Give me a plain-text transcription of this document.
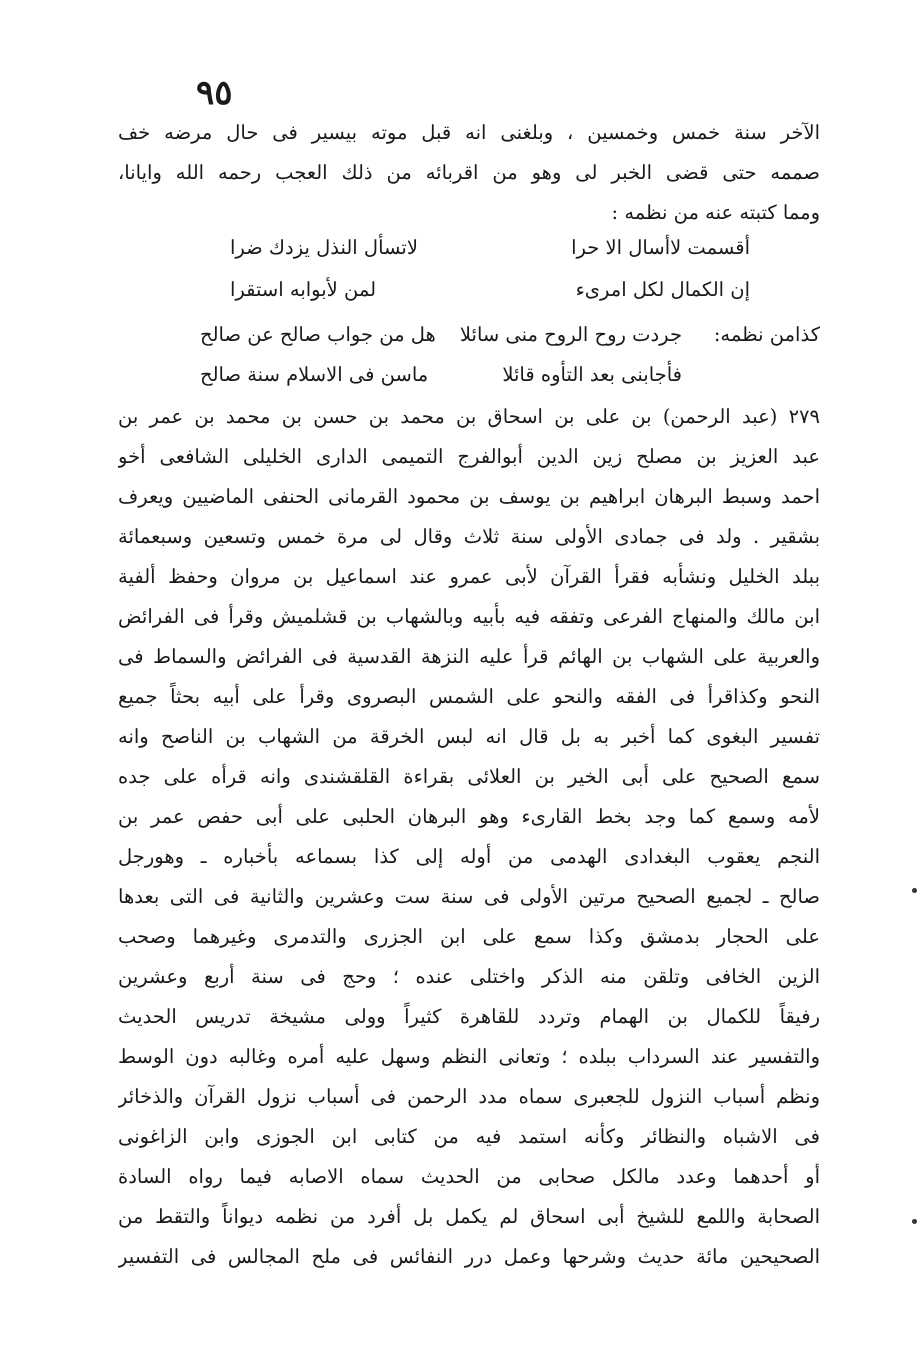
٩٥
الآخر سنة خمس وخمسين ، وبلغنى انه قبل موته بيسير فى حال مرضه خف
صممه حتى قضى الخبر لى وهو من اقربائه من ذلك العجب رحمه الله وايانا،
ومما كتبته عنه من نظمه :
أقسمت لاأسال الا حرا
لاتسأل النذل يزدك ضرا
إن الكمال لكل امرىء
لمن لأبوابه استقرا
كذامن نظمه:
جردت روح الروح منى سائلا
هل من جواب صالح عن صالح
فأجابنى بعد التأوه قائلا
ماسن فى الاسلام سنة صالح
٢٧٩ (عبد الرحمن) بن على بن اسحاق بن محمد بن حسن بن محمد بن عمر بن
عبد العزيز بن مصلح زين الدين أبوالفرج التميمى الدارى الخليلى الشافعى أخو
احمد وسبط البرهان ابراهيم بن يوسف بن محمود القرمانى الحنفى الماضيين ويعرف
بشقير . ولد فى جمادى الأولى سنة ثلاث وقال لى مرة خمس وتسعين وسبعمائة
ببلد الخليل ونشأبه فقرأ القرآن لأبى عمرو عند اسماعيل بن مروان وحفظ ألفية
ابن مالك والمنهاج الفرعى وتفقه فيه بأبيه وبالشهاب بن قشلميش وقرأ فى الفرائض
والعربية على الشهاب بن الهائم قرأ عليه النزهة القدسية فى الفرائض والسماط فى
النحو وكذاقرأ فى الفقه والنحو على الشمس البصروى وقرأ على أبيه بحثاً جميع
تفسير البغوى كما أخبر به بل قال انه لبس الخرقة من الشهاب بن الناصح وانه
سمع الصحيح على أبى الخير بن العلائى بقراءة القلقشندى وانه قرأه على جده
لأمه وسمع كما وجد بخط القارىء وهو البرهان الحلبى على أبى حفص عمر بن
النجم يعقوب البغدادى الهدمى من أوله إلى كذا بسماعه بأخباره ـ وهورجل
صالح ـ لجميع الصحيح مرتين الأولى فى سنة ست وعشرين والثانية فى التى بعدها
على الحجار بدمشق وكذا سمع على ابن الجزرى والتدمرى وغيرهما وصحب
الزين الخافى وتلقن منه الذكر واختلى عنده ؛ وحج فى سنة أربع وعشرين
رفيقاً للكمال بن الهمام وتردد للقاهرة كثيراً وولى مشيخة تدريس الحديث
والتفسير عند السرداب ببلده ؛ وتعانى النظم وسهل عليه أمره وغالبه دون الوسط
ونظم أسباب النزول للجعبرى سماه مدد الرحمن فى أسباب نزول القرآن والذخائر
فى الاشباه والنظائر وكأنه استمد فيه من كتابى ابن الجوزى وابن الزاغونى
أو أحدهما وعدد مالكل صحابى من الحديث سماه الاصابه فيما رواه السادة
الصحابة واللمع للشيخ أبى اسحاق لم يكمل بل أفرد من نظمه ديواناً والتقط من
الصحيحين مائة حديث وشرحها وعمل درر النفائس فى ملح المجالس فى التفسير
